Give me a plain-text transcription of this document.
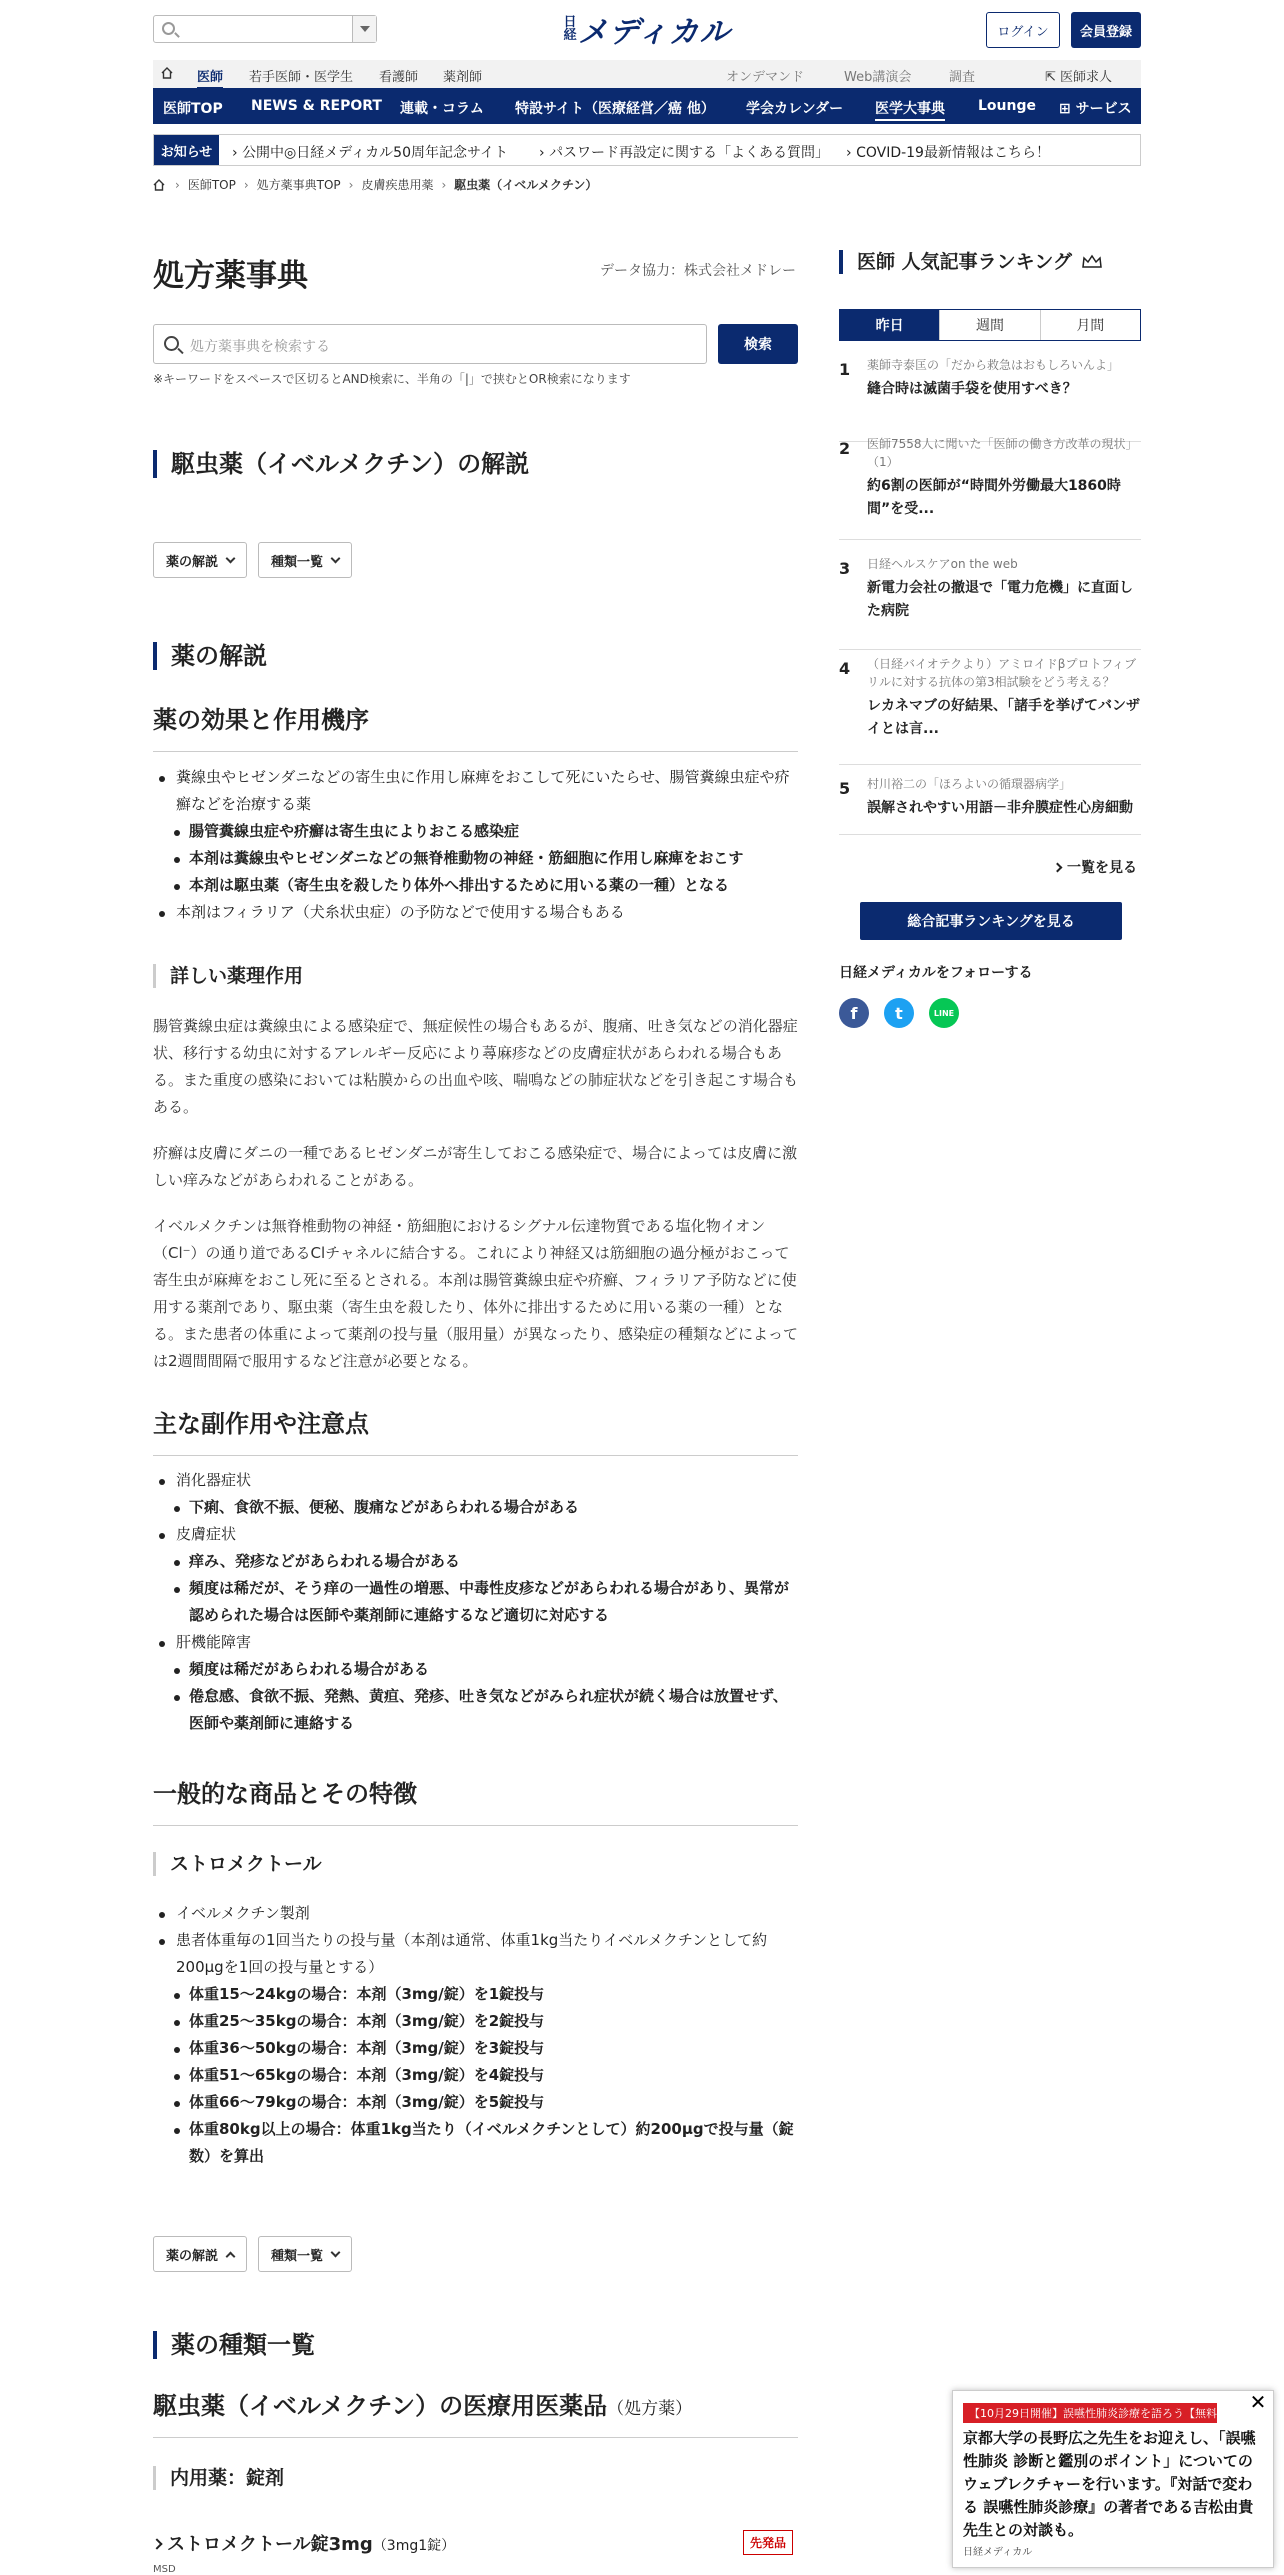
日経 メディカル	ログイン	会員登録
医師 若手医師・医学生 看護師 薬剤師	オンデマンド	Web講演会	調査	⇱ 医師求人
医師TOP NEWS & REPORT 連載・コラム 特設サイト（医療経営／癌 他） 学会カレンダー 医学大事典 Lounge ⊞ サービス
お知らせ	› 公開中◎日経メディカル50周年記念サイト › パスワード再設定に関する「よくある質問」 › COVID-19最新情報はこちら！
› 医師TOP › 処方薬事典TOP › 皮膚疾患用薬 › 駆虫薬（イベルメクチン）
処方薬事典	データ協力：株式会社メドレー
処方薬事典を検索する	検索
※キーワードをスペースで区切るとAND検索に、半角の「|」で挟むとOR検索になります
駆虫薬（イベルメクチン）の解説
薬の解説	種類一覧
薬の解説
薬の効果と作用機序
糞線虫やヒゼンダニなどの寄生虫に作用し麻痺をおこして死にいたらせ、腸管糞線虫症や疥癬などを治療する薬
腸管糞線虫症や疥癬は寄生虫によりおこる感染症
本剤は糞線虫やヒゼンダニなどの無脊椎動物の神経・筋細胞に作用し麻痺をおこす
本剤は駆虫薬（寄生虫を殺したり体外へ排出するために用いる薬の一種）となる
本剤はフィラリア（犬糸状虫症）の予防などで使用する場合もある
詳しい薬理作用
腸管糞線虫症は糞線虫による感染症で、無症候性の場合もあるが、腹痛、吐き気などの消化器症状、移行する幼虫に対するアレルギー反応により蕁麻疹などの皮膚症状があらわれる場合もある。また重度の感染においては粘膜からの出血や咳、喘鳴などの肺症状などを引き起こす場合もある。
疥癬は皮膚にダニの一種であるヒゼンダニが寄生しておこる感染症で、場合によっては皮膚に激しい痒みなどがあらわれることがある。
イベルメクチンは無脊椎動物の神経・筋細胞におけるシグナル伝達物質である塩化物イオン（Cl⁻）の通り道であるClチャネルに結合する。これにより神経又は筋細胞の過分極がおこって寄生虫が麻痺をおこし死に至るとされる。本剤は腸管糞線虫症や疥癬、フィラリア予防などに使用する薬剤であり、駆虫薬（寄生虫を殺したり、体外に排出するために用いる薬の一種）となる。また患者の体重によって薬剤の投与量（服用量）が異なったり、感染症の種類などによっては2週間間隔で服用するなど注意が必要となる。
主な副作用や注意点
消化器症状
下痢、食欲不振、便秘、腹痛などがあらわれる場合がある
皮膚症状
痒み、発疹などがあらわれる場合がある
頻度は稀だが、そう痒の一過性の増悪、中毒性皮疹などがあらわれる場合があり、異常が認められた場合は医師や薬剤師に連絡するなど適切に対応する
肝機能障害
頻度は稀だがあらわれる場合がある
倦怠感、食欲不振、発熱、黄疸、発疹、吐き気などがみられ症状が続く場合は放置せず、医師や薬剤師に連絡する
一般的な商品とその特徴
ストロメクトール
イベルメクチン製剤
患者体重毎の1回当たりの投与量（本剤は通常、体重1kg当たりイベルメクチンとして約200μgを1回の投与量とする）
体重15〜24kgの場合：本剤（3mg/錠）を1錠投与
体重25〜35kgの場合：本剤（3mg/錠）を2錠投与
体重36〜50kgの場合：本剤（3mg/錠）を3錠投与
体重51〜65kgの場合：本剤（3mg/錠）を4錠投与
体重66〜79kgの場合：本剤（3mg/錠）を5錠投与
体重80kg以上の場合：体重1kg当たり（イベルメクチンとして）約200μgで投与量（錠数）を算出
薬の解説	種類一覧
薬の種類一覧
駆虫薬（イベルメクチン）の医療用医薬品（処方薬）
内用薬：錠剤
ストロメクトール錠3mg（3mg1錠）	先発品
MSD
医師 人気記事ランキング
昨日	週間	月間
1 薬師寺泰匡の「だから救急はおもしろいんよ」
縫合時は滅菌手袋を使用すべき？
2 医師7558人に聞いた「医師の働き方改革の現状」（1）
約6割の医師が“時間外労働最大1860時間”を受...
3 日経ヘルスケアon the web
新電力会社の撤退で「電力危機」に直面した病院
4 （日経バイオテクより）アミロイドβプロトフィブリルに対する抗体の第3相試験をどう考える？
レカネマブの好結果、「諸手を挙げてバンザイとは言...
5 村川裕二の「ほろよいの循環器病学」
誤解されやすい用語－非弁膜症性心房細動
一覧を見る
総合記事ランキングを見る
日経メディカルをフォローする
f	t	LINE
✕
【10月29日開催】誤嚥性肺炎診療を語ろう【無料】
京都大学の長野広之先生をお迎えし、「誤嚥性肺炎 診断と鑑別のポイント」についてのウェブレクチャーを行います。『対話で変わる 誤嚥性肺炎診療』の著者である吉松由貴先生との対談も。
日経メディカル
